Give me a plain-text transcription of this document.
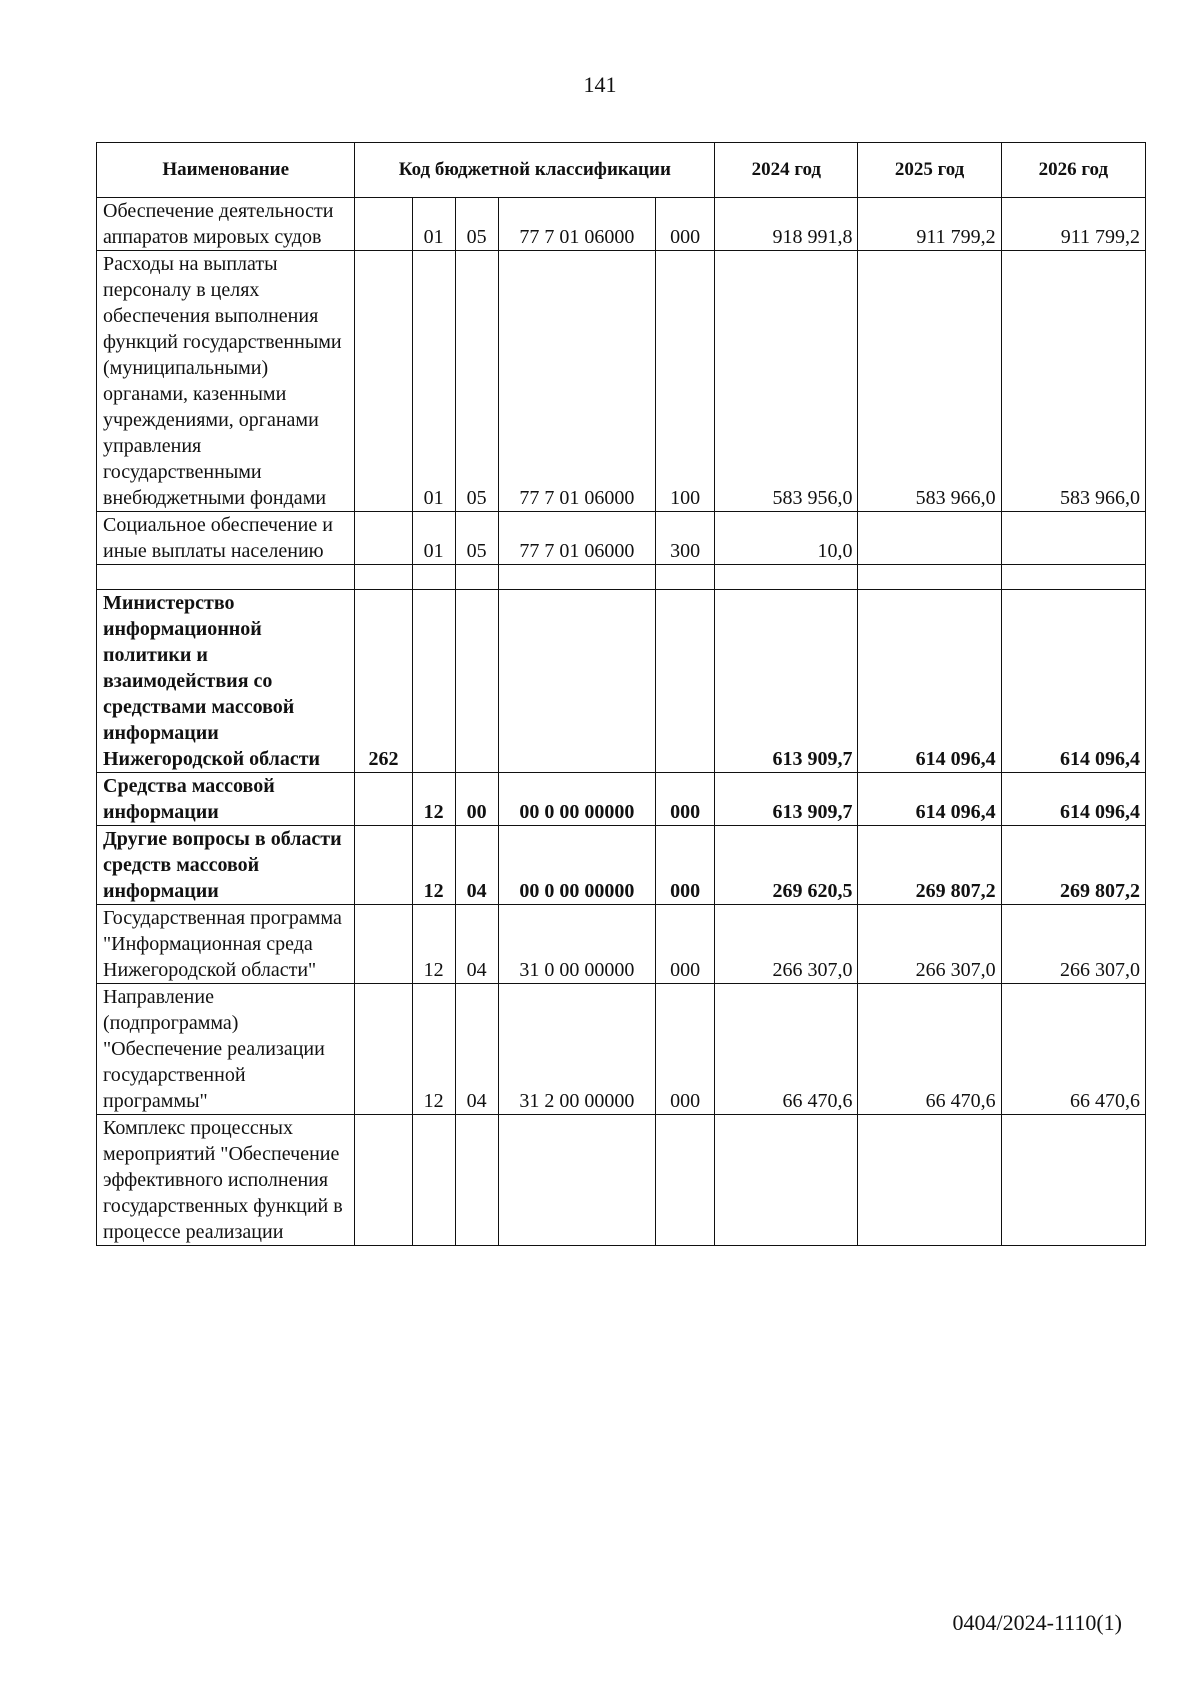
141
Наименование	Код бюджетной классификации					2024 год	2025 год	2026 год
Обеспечение деятельности аппаратов мировых судов		01	05	77 7 01 06000	000	918 991,8	911 799,2	911 799,2
Расходы на выплаты персоналу в целях обеспечения выполнения функций государственными (муниципальными) органами, казенными учреждениями, органами управления государственными внебюджетными фондами		01	05	77 7 01 06000	100	583 956,0	583 966,0	583 966,0
Социальное обеспечение и иные выплаты населению		01	05	77 7 01 06000	300	10,0		

Министерство информационной политики и взаимодействия со средствами массовой информации Нижегородской области	262					613 909,7	614 096,4	614 096,4
Средства массовой информации		12	00	00 0 00 00000	000	613 909,7	614 096,4	614 096,4
Другие вопросы в области средств массовой информации		12	04	00 0 00 00000	000	269 620,5	269 807,2	269 807,2
Государственная программа "Информационная среда Нижегородской области"		12	04	31 0 00 00000	000	266 307,0	266 307,0	266 307,0
Направление (подпрограмма) "Обеспечение реализации государственной программы"		12	04	31 2 00 00000	000	66 470,6	66 470,6	66 470,6
Комплекс процессных мероприятий "Обеспечение эффективного исполнения государственных функций в процессе реализации								
0404/2024-1110(1)
